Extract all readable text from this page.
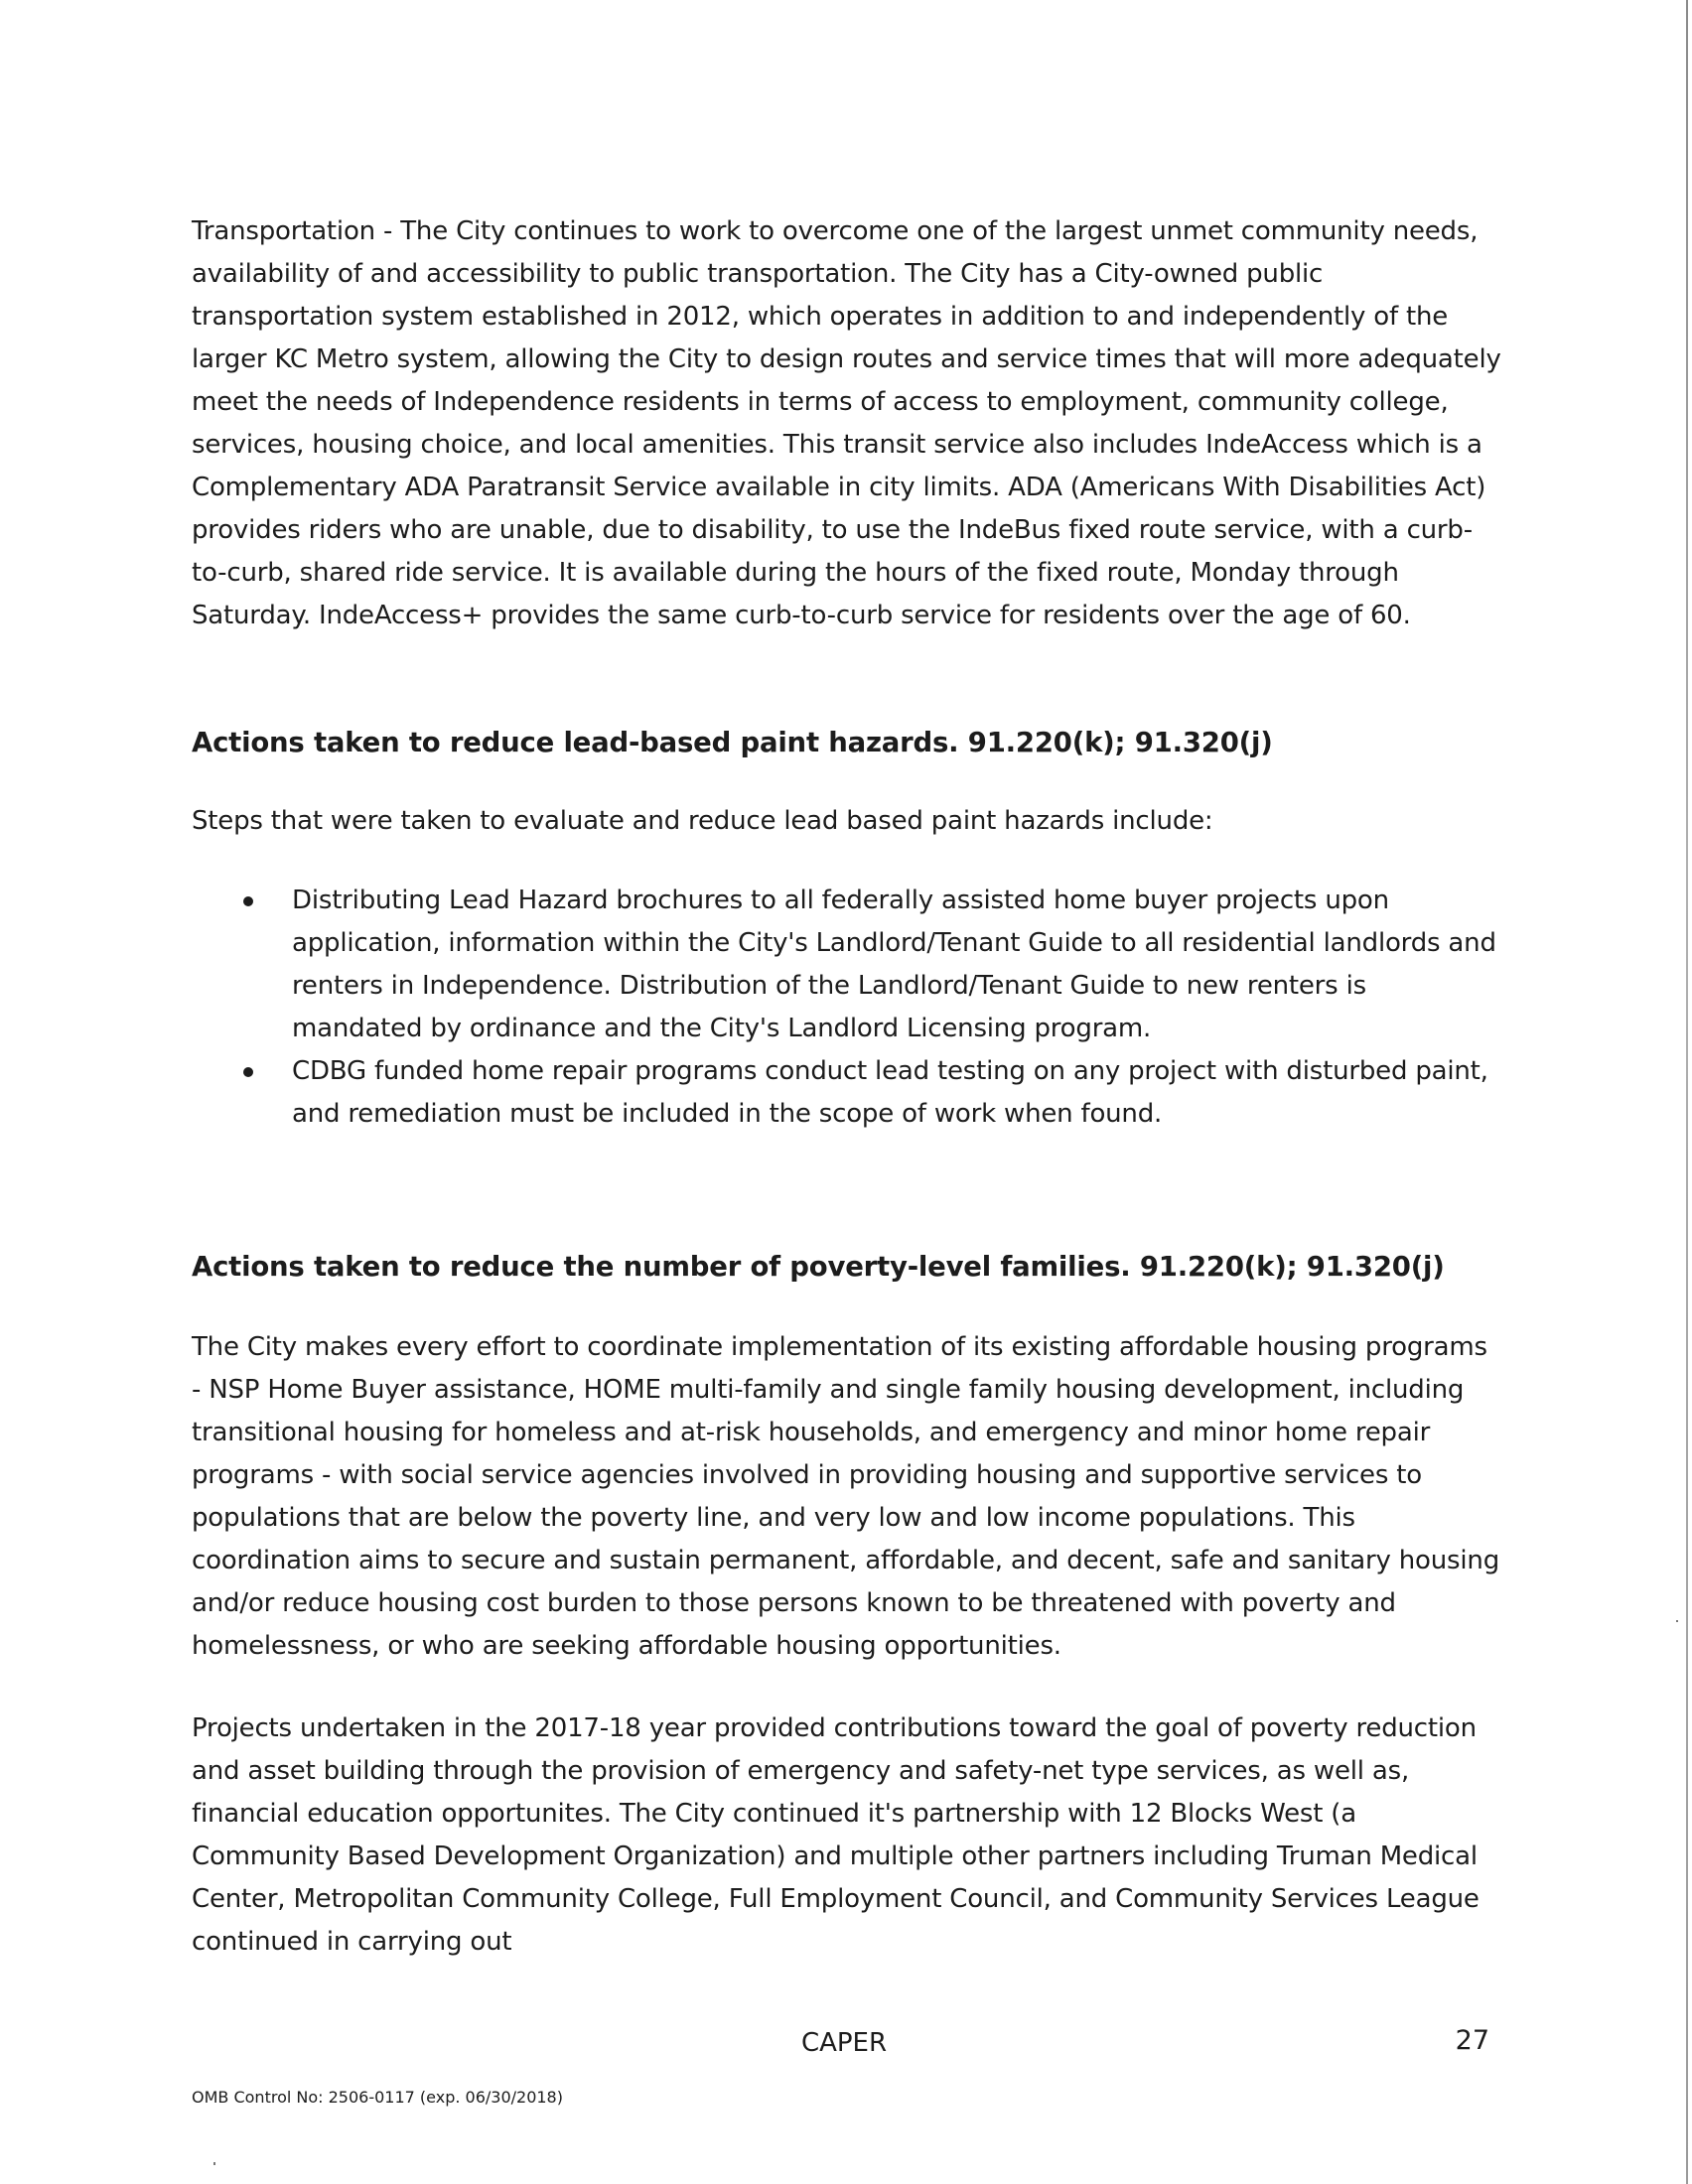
Transportation - The City continues to work to overcome one of the largest unmet community needs, availability of and accessibility to public transportation. The City has a City-owned public transportation system established in 2012, which operates in addition to and independently of the larger KC Metro system, allowing the City to design routes and service times that will more adequately meet the needs of Independence residents in terms of access to employment, community college, services, housing choice, and local amenities. This transit service also includes IndeAccess which is a Complementary ADA Paratransit Service available in city limits. ADA (Americans With Disabilities Act) provides riders who are unable, due to disability, to use the IndeBus fixed route service, with a curb-to-curb, shared ride service. It is available during the hours of the fixed route, Monday through Saturday. IndeAccess+ provides the same curb-to-curb service for residents over the age of 60.

Actions taken to reduce lead-based paint hazards. 91.220(k); 91.320(j)

Steps that were taken to evaluate and reduce lead based paint hazards include:

Distributing Lead Hazard brochures to all federally assisted home buyer projects upon application, information within the City's Landlord/Tenant Guide to all residential landlords and renters in Independence. Distribution of the Landlord/Tenant Guide to new renters is mandated by ordinance and the City's Landlord Licensing program.
CDBG funded home repair programs conduct lead testing on any project with disturbed paint, and remediation must be included in the scope of work when found.
Actions taken to reduce the number of poverty-level families. 91.220(k); 91.320(j)

The City makes every effort to coordinate implementation of its existing affordable housing programs - NSP Home Buyer assistance, HOME multi-family and single family housing development, including transitional housing for homeless and at-risk households, and emergency and minor home repair programs - with social service agencies involved in providing housing and supportive services to populations that are below the poverty line, and very low and low income populations. This coordination aims to secure and sustain permanent, affordable, and decent, safe and sanitary housing and/or reduce housing cost burden to those persons known to be threatened with poverty and homelessness, or who are seeking affordable housing opportunities.

Projects undertaken in the 2017-18 year provided contributions toward the goal of poverty reduction and asset building through the provision of emergency and safety-net type services, as well as, financial education opportunites. The City continued it's partnership with 12 Blocks West (a Community Based Development Organization) and multiple other partners including Truman Medical Center, Metropolitan Community College, Full Employment Council, and Community Services League continued in carrying out

CAPER	27
OMB Control No: 2506-0117 (exp. 06/30/2018)
